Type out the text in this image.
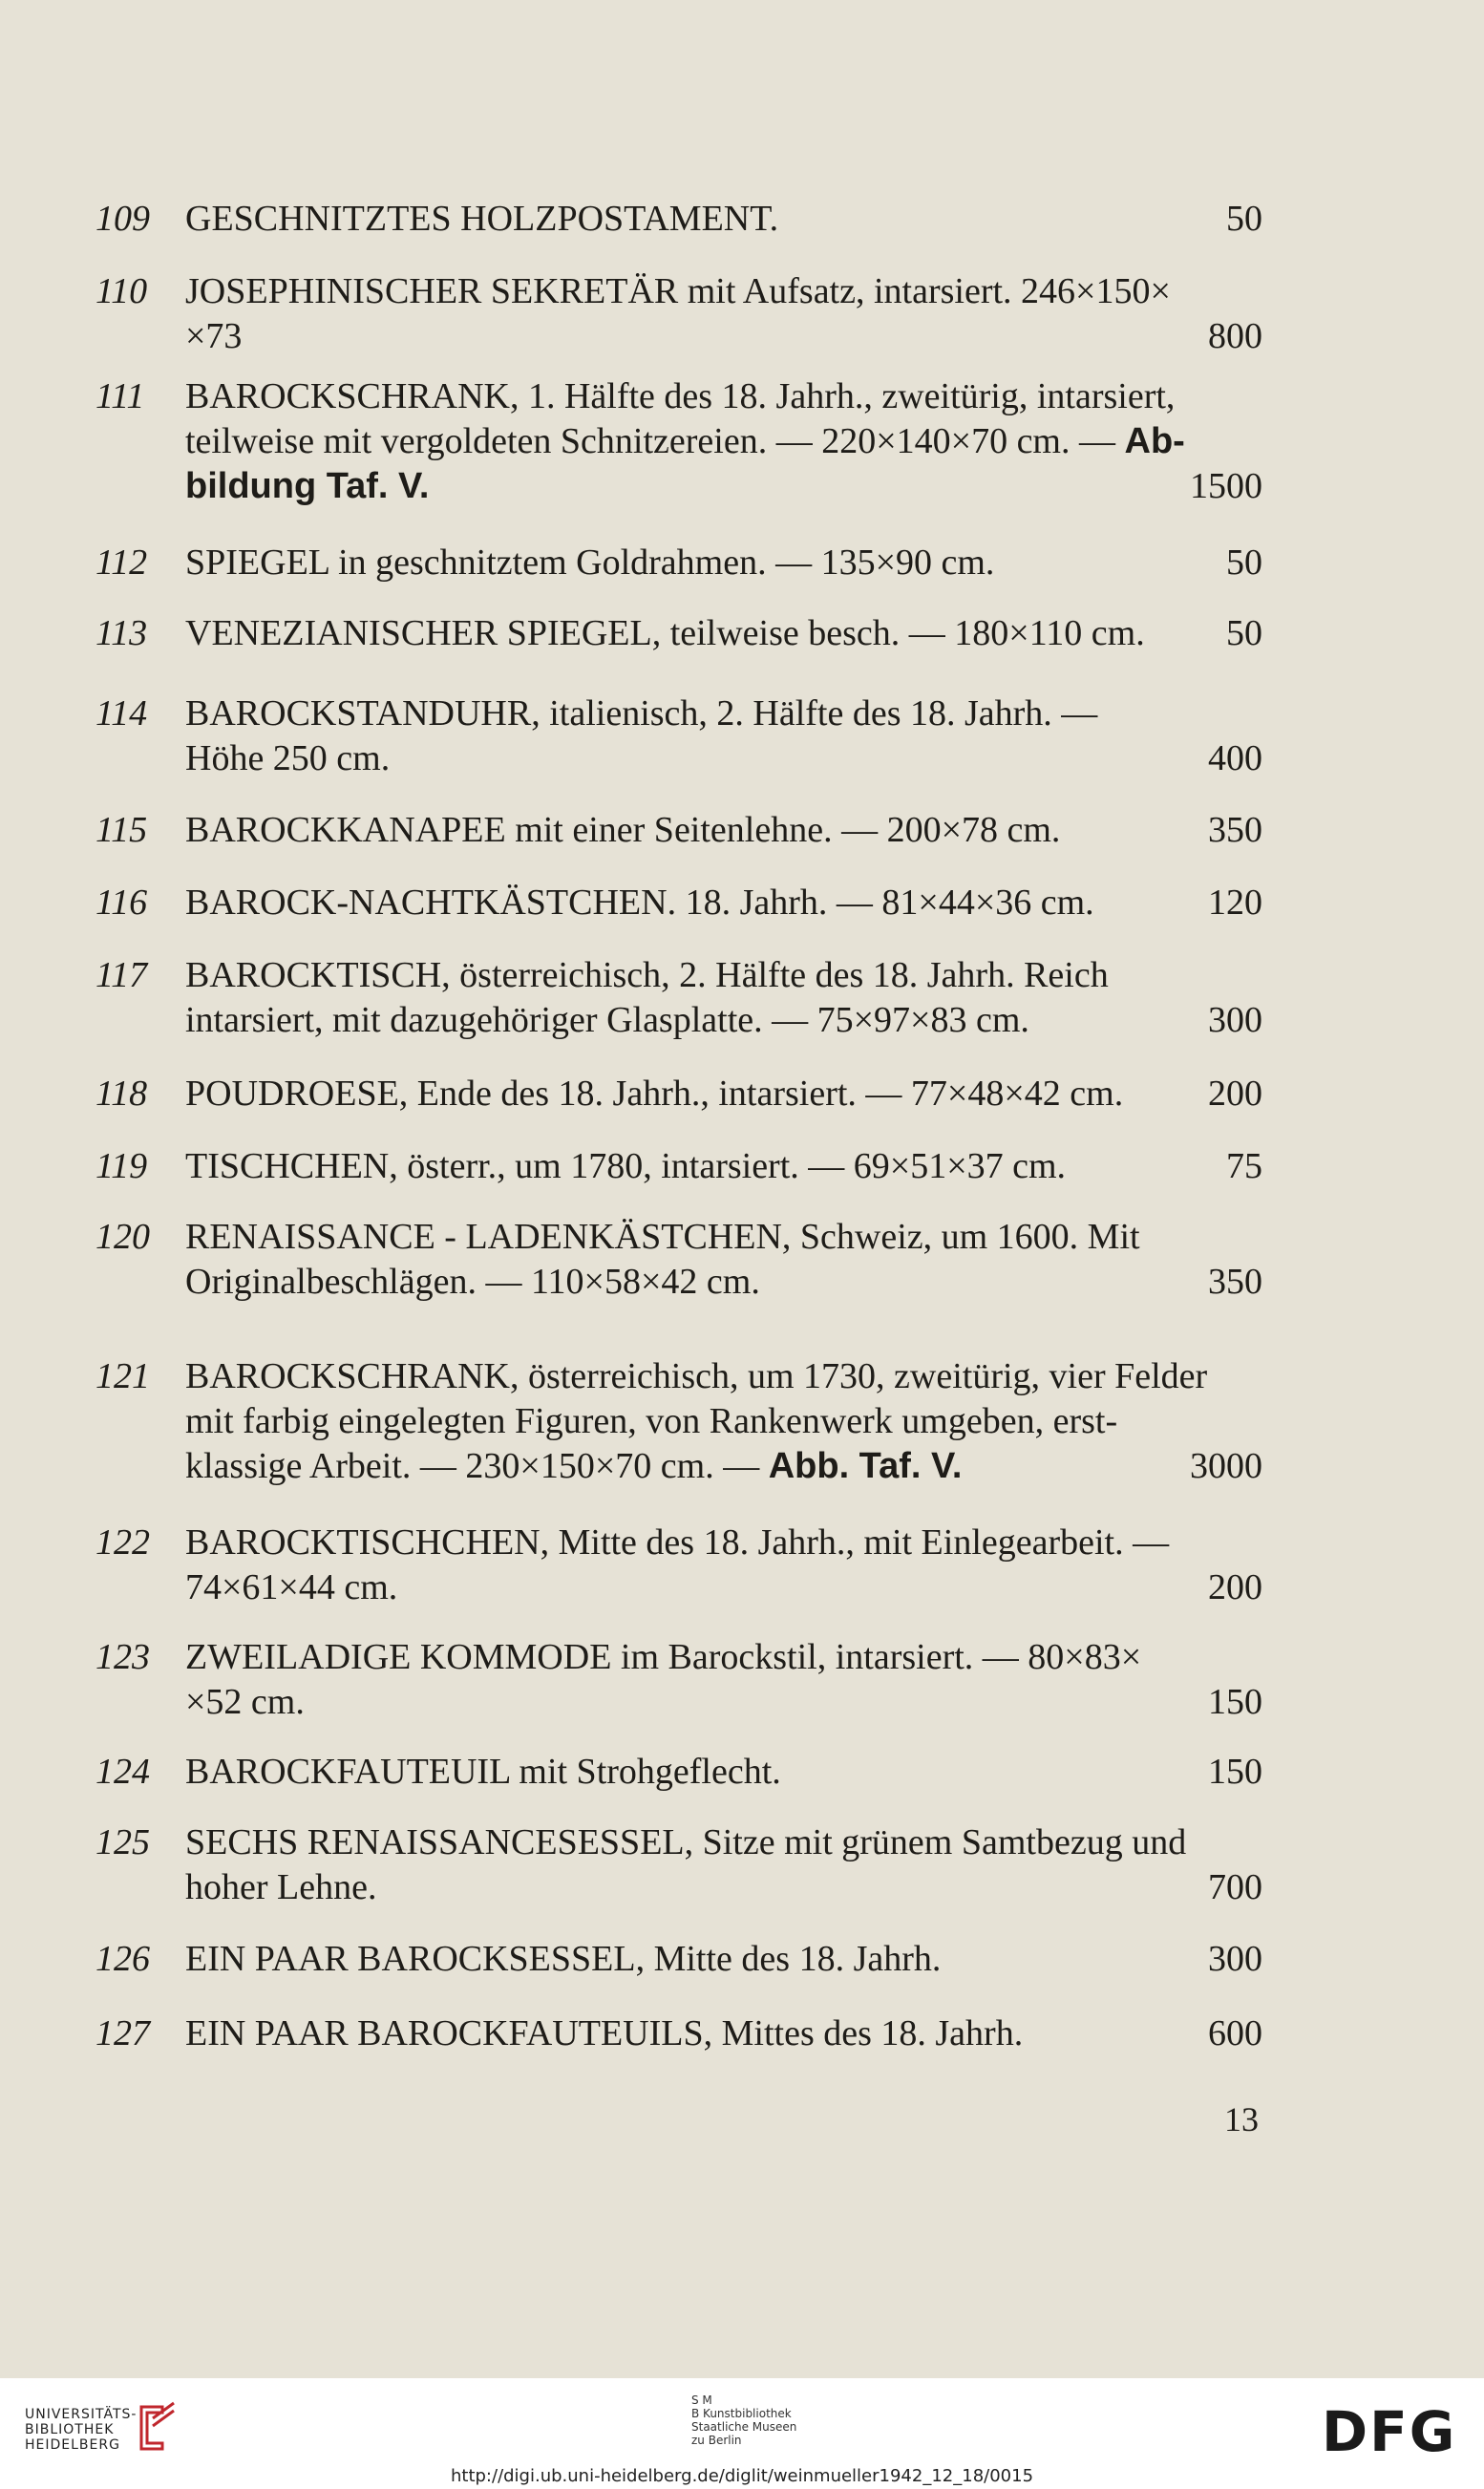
109 GESCHNITZTES HOLZPOSTAMENT.	50
110	JOSEPHINISCHER SEKRETÄR mit Aufsatz, intarsiert. 246×150×
×73	800
111	BAROCKSCHRANK, 1. Hälfte des 18. Jahrh., zweitürig, intarsiert,
teilweise mit vergoldeten Schnitzereien. — 220×140×70 cm. — Ab-
bildung Taf. V.	1500
112	SPIEGEL in geschnitztem Goldrahmen. — 135×90 cm.	50
113	VENEZIANISCHER SPIEGEL, teilweise besch. — 180×110 cm. 50
114	BAROCKSTANDUHR, italienisch, 2. Hälfte des 18. Jahrh. —
Höhe 250 cm.	400
115	BAROCKKANAPEE mit einer Seitenlehne. — 200×78 cm.	350
116	BAROCK-NACHTKÄSTCHEN. 18. Jahrh. — 81×44×36 cm.	120
117	BAROCKTISCH, österreichisch, 2. Hälfte des 18. Jahrh. Reich
intarsiert, mit dazugehöriger Glasplatte. — 75×97×83 cm.	300
118	POUDROESE, Ende des 18. Jahrh., intarsiert. — 77×48×42 cm. 200
119	TISCHCHEN, österr., um 1780, intarsiert. — 69×51×37 cm.	75
120 RENAISSANCE - LADENKÄSTCHEN, Schweiz, um 1600. Mit
Originalbeschlägen. — 110×58×42 cm.	350
121 BAROCKSCHRANK, österreichisch, um 1730, zweitürig, vier Felder
mit farbig eingelegten Figuren, von Rankenwerk umgeben, erst-
klassige Arbeit. — 230×150×70 cm. — Abb. Taf. V.	3000
122 BAROCKTISCHCHEN, Mitte des 18. Jahrh., mit Einlegearbeit. —
74×61×44 cm.	200
123 ZWEILADIGE KOMMODE im Barockstil, intarsiert. — 80×83×
×52 cm.	150
124 BAROCKFAUTEUIL mit Strohgeflecht.	150
125 SECHS RENAISSANCESESSEL, Sitze mit grünem Samtbezug und
hoher Lehne.	700
126 EIN PAAR BAROCKSESSEL, Mitte des 18. Jahrh.	300
127 EIN PAAR BAROCKFAUTEUILS, Mittes des 18. Jahrh.	600
13
UNIVERSITÄTS-
BIBLIOTHEK
HEIDELBERG
S M
B Kunstbibliothek
Staatliche Museen
zu Berlin	DFG
http://digi.ub.uni-heidelberg.de/diglit/weinmueller1942_12_18/0015
